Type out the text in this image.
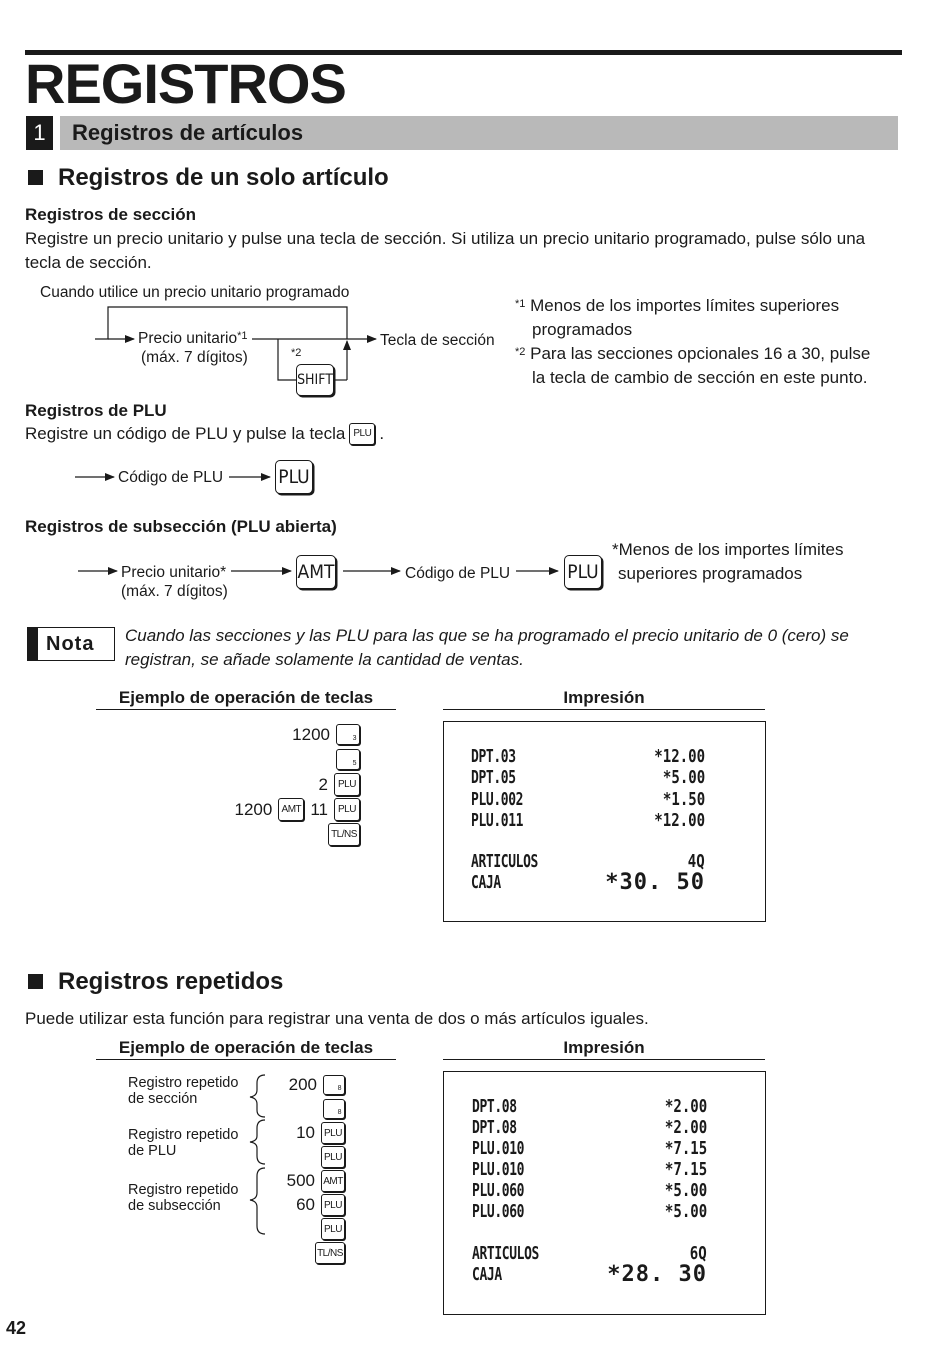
REGISTROS
1	Registros de artículos
Registros de un solo artículo
Registros de sección
Registre un precio unitario y pulse una tecla de sección. Si utiliza un precio unitario programado, pulse sólo una tecla de sección.
Cuando utilice un precio unitario programado
Precio unitario$^{*1}$
(máx. 7 dígitos)	*2
SHIFT
Tecla de sección
$^{*1}$ Menos de los importes límites superiores
programados
$^{*2}$ Para las secciones opcionales 16 a 30, pulse
la tecla de cambio de sección en este punto.
Registros de PLU
Registre un código de PLU y pulse la tecla PLU .
Código de PLU	PLU
Registros de subsección (PLU abierta)
Precio unitario*
(máx. 7 dígitos)
AMT	Código de PLU	PLU
*Menos de los importes límites
superiores programados
Nota Cuando las secciones y las PLU para las que se ha programado el precio unitario de 0 (cero) se
registran, se añade solamente la cantidad de ventas.
Ejemplo de operación de teclas	Impresión
1200	3
5
2	PLU
1200 AMT 11	PLU
TL/NS
DPT.03	*12.00
DPT.05	*5.00
PLU.002	*1.50
PLU.011	*12.00
ARTICULOS	4Q
CAJA	*30. 50
Registros repetidos
Puede utilizar esta función para registrar una venta de dos o más artículos iguales.
Ejemplo de operación de teclas	Impresión
Registro repetido
de sección
Registro repetido
de PLU
Registro repetido
de subsección
200	8
8
10 PLU
PLU
500 AMT
60 PLU
PLU
TL/NS
DPT.08	*2.00
DPT.08	*2.00
PLU.010	*7.15
PLU.010	*7.15
PLU.060	*5.00
PLU.060	*5.00
ARTICULOS	6Q
CAJA	*28. 30
42
